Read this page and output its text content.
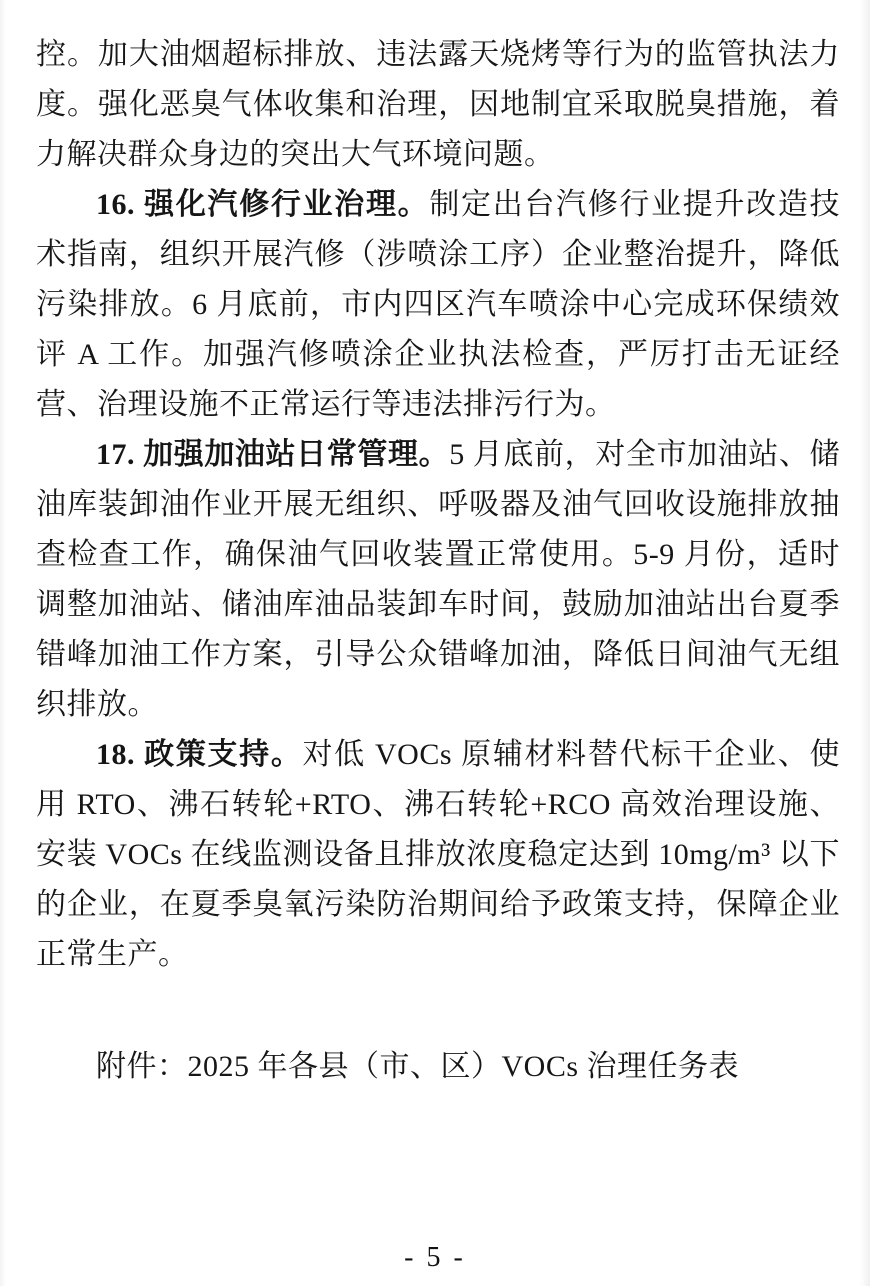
控。加大油烟超标排放、违法露天烧烤等行为的监管执法力度。强化恶臭气体收集和治理，因地制宜采取脱臭措施，着力解决群众身边的突出大气环境问题。

16. 强化汽修行业治理。制定出台汽修行业提升改造技术指南，组织开展汽修（涉喷涂工序）企业整治提升，降低污染排放。6 月底前，市内四区汽车喷涂中心完成环保绩效评 A 工作。加强汽修喷涂企业执法检查，严厉打击无证经营、治理设施不正常运行等违法排污行为。

17. 加强加油站日常管理。5 月底前，对全市加油站、储油库装卸油作业开展无组织、呼吸器及油气回收设施排放抽查检查工作，确保油气回收装置正常使用。5-9 月份，适时调整加油站、储油库油品装卸车时间，鼓励加油站出台夏季错峰加油工作方案，引导公众错峰加油，降低日间油气无组织排放。

18. 政策支持。对低 VOCs 原辅材料替代标干企业、使用 RTO、沸石转轮+RTO、沸石转轮+RCO 高效治理设施、安装 VOCs 在线监测设备且排放浓度稳定达到 10mg/m³ 以下的企业，在夏季臭氧污染防治期间给予政策支持，保障企业正常生产。

附件：2025 年各县（市、区）VOCs 治理任务表

- 5 -
